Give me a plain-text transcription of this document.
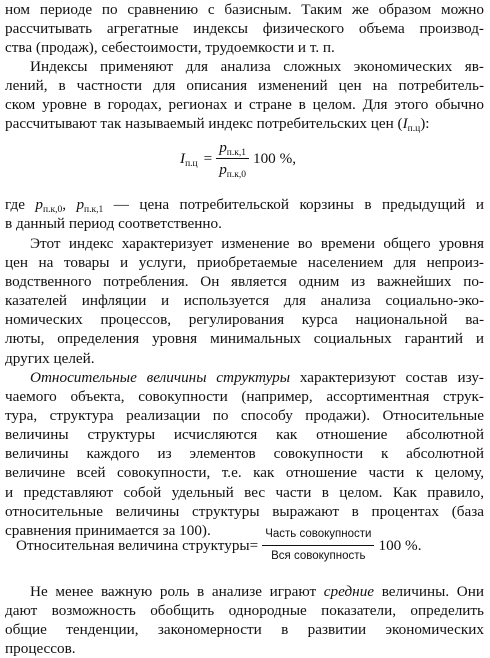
ном периоде по сравнению с базисным. Таким же образом можно

рассчитывать агрегатные индексы физического объема производ-

ства (продаж), себестоимости, трудоемкости и т. п.

Индексы применяют для анализа сложных экономических яв-

лений, в частности для описания изменений цен на потребитель-

ском уровне в городах, регионах и стране в целом. Для этого обычно

рассчитывают так называемый индекс потребительских цен $(I_{п.ц})$:

$I_{п.ц} = \frac{p_{п.к,1}}{p_{п.к,0}} 100$ %,

где $p_{п.к,0}$, $p_{п.к,1}$ — цена потребительской корзины в предыдущий и

в данный период соответственно.

Этот индекс характеризует изменение во времени общего уровня

цен на товары и услуги, приобретаемые населением для непроиз-

водственного потребления. Он является одним из важнейших по-

казателей инфляции и используется для анализа социально-эко-

номических процессов, регулирования курса национальной ва-

люты, определения уровня минимальных социальных гарантий и

других целей.

Относительные величины структуры характеризуют состав изу-

чаемого объекта, совокупности (например, ассортиментная струк-

тура, структура реализации по способу продажи). Относительные

величины структуры исчисляются как отношение абсолютной

величины каждого из элементов совокупности к абсолютной

величине всей совокупности, т.е. как отношение части к целому,

и представляют собой удельный вес части в целом. Как правило,

относительные величины структуры выражают в процентах (база

сравнения принимается за 100).

Относительная величина структуры = $\frac{\text{Часть совокупности}}{\text{Вся совокупность}} 100$ %.

Не менее важную роль в анализе играют средние величины. Они

дают возможность обобщить однородные показатели, определить

общие тенденции, закономерности в развитии экономических

процессов.
